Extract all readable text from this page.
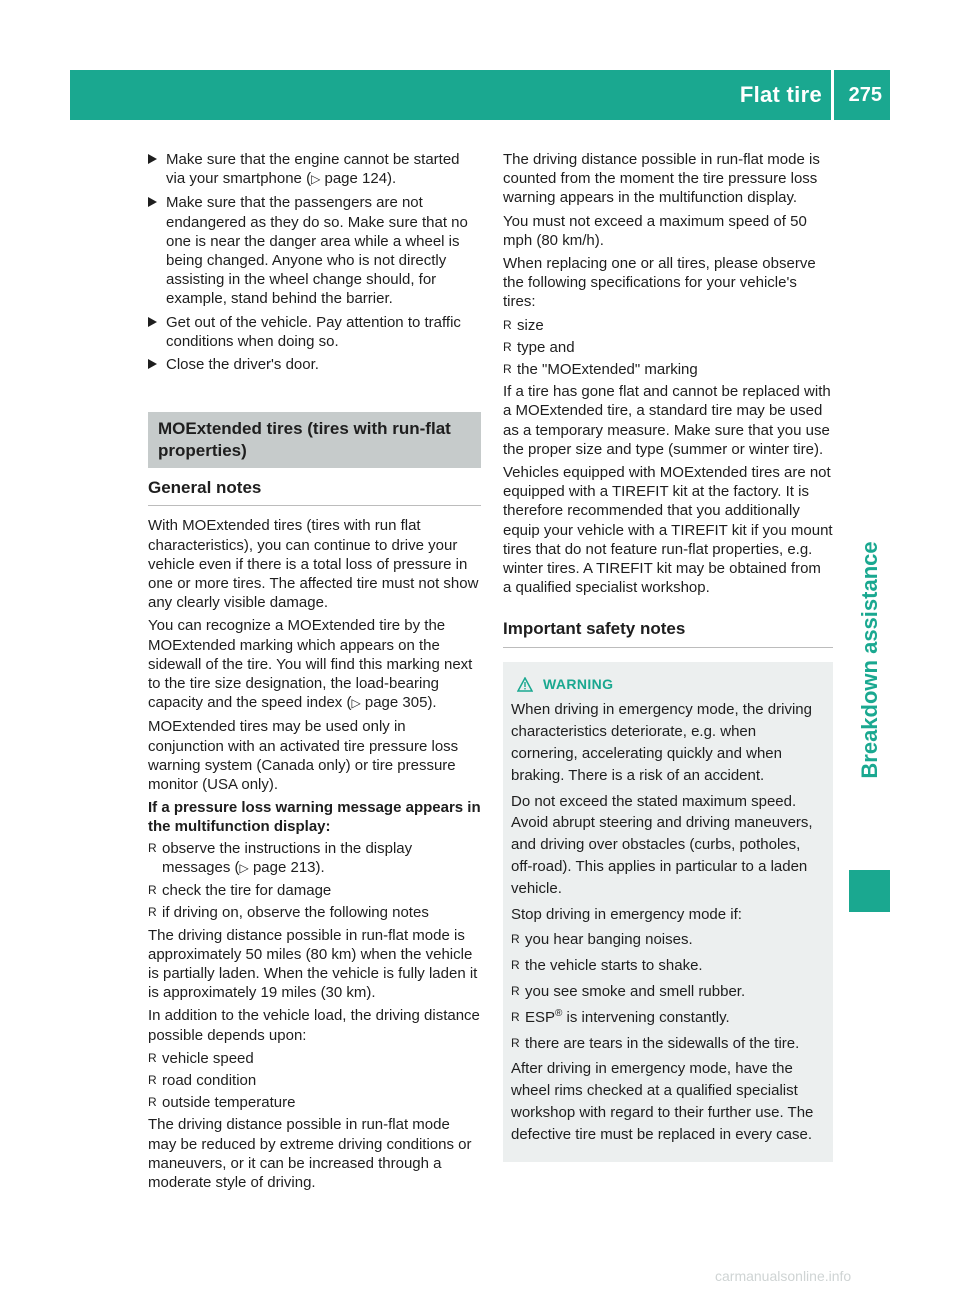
Flat tire 275
Breakdown assistance
Make sure that the engine cannot be started via your smartphone (▷ page 124).
Make sure that the passengers are not endangered as they do so. Make sure that no one is near the danger area while a wheel is being changed. Anyone who is not directly assisting in the wheel change should, for example, stand behind the barrier.
Get out of the vehicle. Pay attention to traffic conditions when doing so.
Close the driver's door.
MOExtended tires (tires with run-flat properties)
General notes

With MOExtended tires (tires with run flat characteristics), you can continue to drive your vehicle even if there is a total loss of pressure in one or more tires. The affected tire must not show any clearly visible damage.

You can recognize a MOExtended tire by the MOExtended marking which appears on the sidewall of the tire. You will find this marking next to the tire size designation, the load-bearing capacity and the speed index (▷ page 305).

MOExtended tires may be used only in conjunction with an activated tire pressure loss warning system (Canada only) or tire pressure monitor (USA only).

If a pressure loss warning message appears in the multifunction display:
R observe the instructions in the display messages (▷ page 213).
R check the tire for damage
R if driving on, observe the following notes

The driving distance possible in run-flat mode is approximately 50 miles (80 km) when the vehicle is partially laden. When the vehicle is fully laden it is approximately 19 miles (30 km).

In addition to the vehicle load, the driving distance possible depends upon:

R vehicle speed
R road condition
R outside temperature

The driving distance possible in run-flat mode may be reduced by extreme driving conditions or maneuvers, or it can be increased through a moderate style of driving.

The driving distance possible in run-flat mode is counted from the moment the tire pressure loss warning appears in the multifunction display.

You must not exceed a maximum speed of 50 mph (80 km/h).

When replacing one or all tires, please observe the following specifications for your vehicle's tires:

R size
R type and
R the "MOExtended" marking

If a tire has gone flat and cannot be replaced with a MOExtended tire, a standard tire may be used as a temporary measure. Make sure that you use the proper size and type (summer or winter tire).

Vehicles equipped with MOExtended tires are not equipped with a TIREFIT kit at the factory. It is therefore recommended that you additionally equip your vehicle with a TIREFIT kit if you mount tires that do not feature run-flat properties, e.g. winter tires. A TIREFIT kit may be obtained from a qualified specialist workshop.

Important safety notes
WARNING

When driving in emergency mode, the driving characteristics deteriorate, e.g. when cornering, accelerating quickly and when braking. There is a risk of an accident.

Do not exceed the stated maximum speed. Avoid abrupt steering and driving maneuvers, and driving over obstacles (curbs, potholes, off-road). This applies in particular to a laden vehicle.

Stop driving in emergency mode if:

R you hear banging noises.
R the vehicle starts to shake.
R you see smoke and smell rubber.
R ESP® is intervening constantly.
R there are tears in the sidewalls of the tire.

After driving in emergency mode, have the wheel rims checked at a qualified specialist workshop with regard to their further use. The defective tire must be replaced in every case.

carmanualsonline.info
